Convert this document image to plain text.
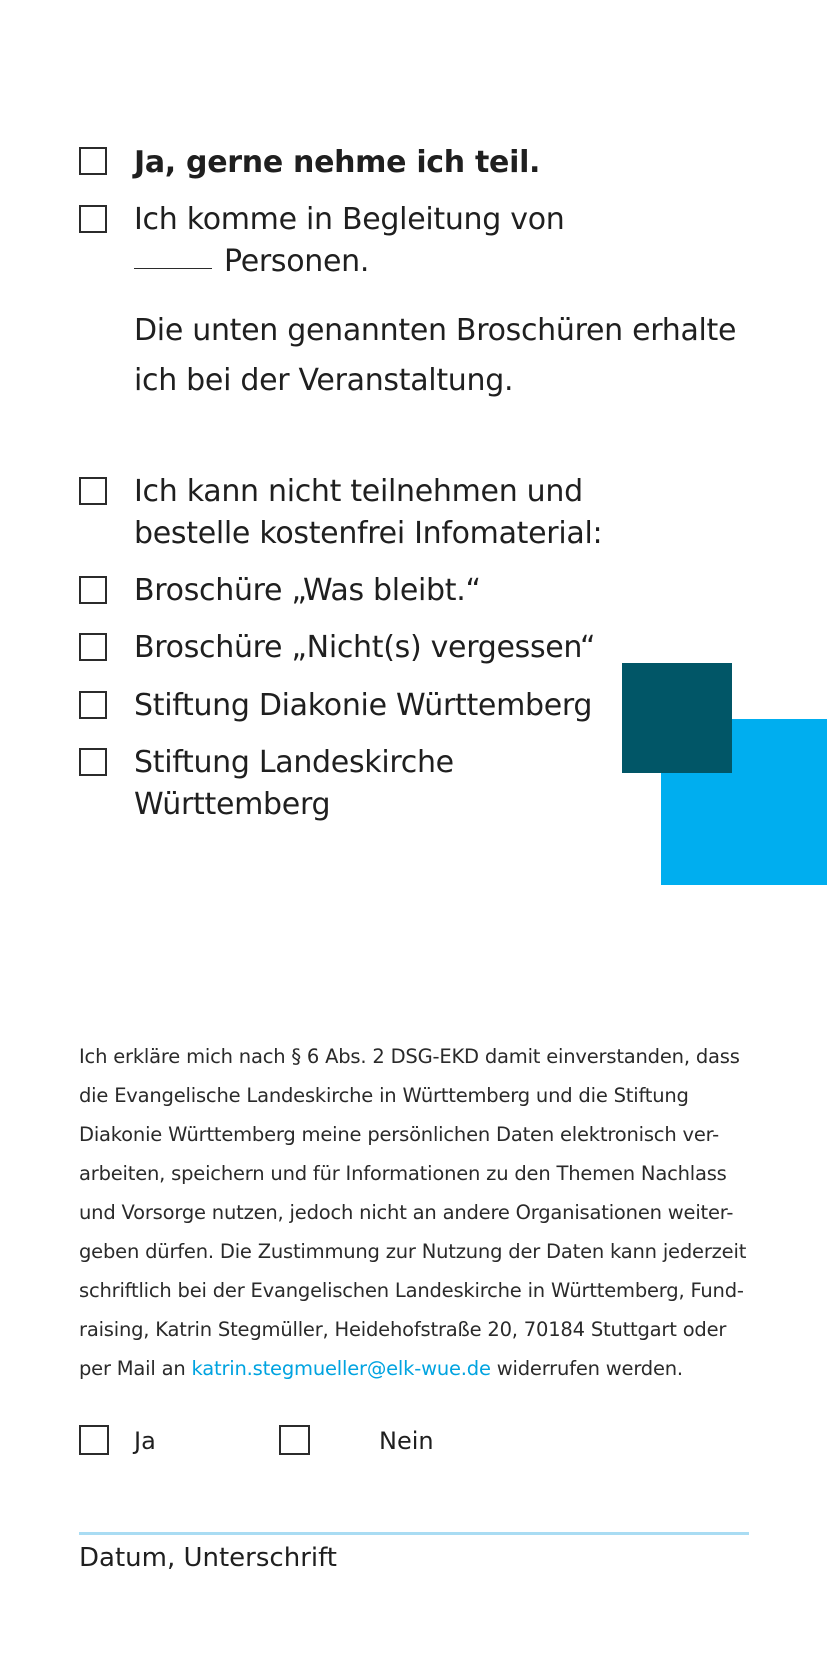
Ja, gerne nehme ich teil.
Ich komme in Begleitung von
Personen.
Die unten genannten Broschüren erhalte
ich bei der Veranstaltung.
Ich kann nicht teilnehmen und
bestelle kostenfrei Infomaterial:
Broschüre „Was bleibt.“
Broschüre „Nicht(s) vergessen“
Stiftung Diakonie Württemberg
Stiftung Landeskirche
Württemberg
Ich erkläre mich nach § 6 Abs. 2 DSG-EKD damit einverstanden, dass
die Evangelische Landeskirche in Württemberg und die Stiftung
Diakonie Württemberg meine persönlichen Daten elektronisch ver-
arbeiten, speichern und für Informationen zu den Themen Nachlass
und Vorsorge nutzen, jedoch nicht an andere Organisationen weiter-
geben dürfen. Die Zustimmung zur Nutzung der Daten kann jederzeit
schriftlich bei der Evangelischen Landeskirche in Württemberg, Fund-
raising, Katrin Stegmüller, Heidehofstraße 20, 70184 Stuttgart oder
per Mail an katrin.stegmueller@elk-wue.de widerrufen werden.
Ja	Nein
Datum, Unterschrift
